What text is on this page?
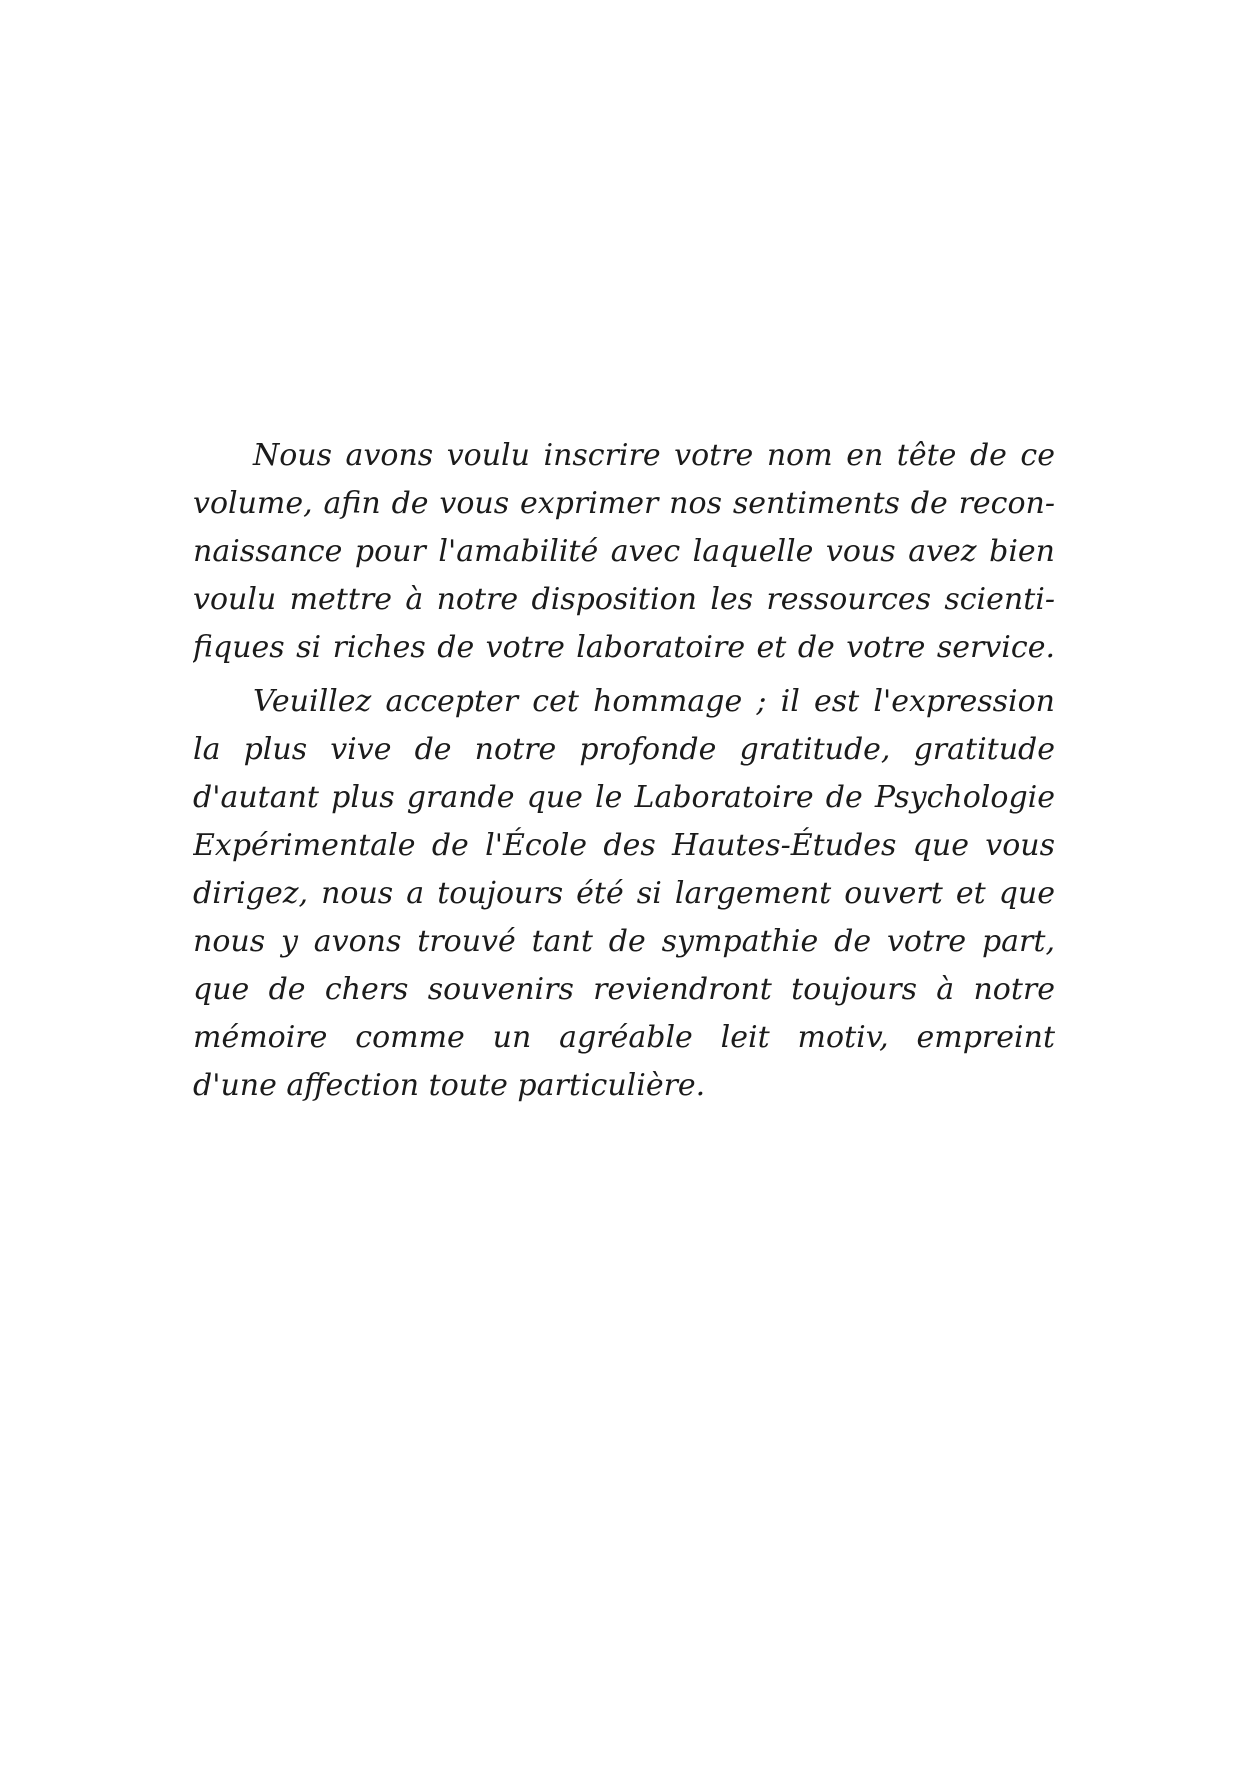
Nous avons voulu inscrire votre nom en tête de ce
volume, afin de vous exprimer nos sentiments de recon-
naissance pour l'amabilité avec laquelle vous avez bien
voulu mettre à notre disposition les ressources scienti-
fiques si riches de votre laboratoire et de votre service.
Veuillez accepter cet hommage ; il est l'expression
la plus vive de notre profonde gratitude, gratitude
d'autant plus grande que le Laboratoire de Psychologie
Expérimentale de l'École des Hautes-Études que vous
dirigez, nous a toujours été si largement ouvert et que
nous y avons trouvé tant de sympathie de votre part,
que de chers souvenirs reviendront toujours à notre
mémoire comme un agréable leit motiv, empreint
d'une affection toute particulière.
